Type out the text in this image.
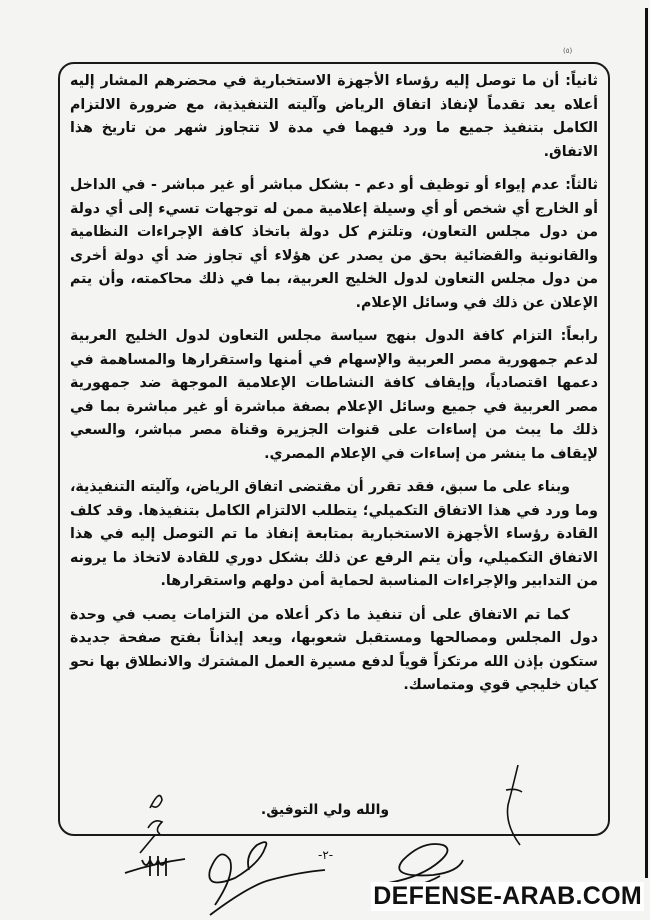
(٥)

ثانياً: أن ما توصل إليه رؤساء الأجهزة الاستخبارية في محضرهم المشار إليه أعلاه يعد تقدماً لإنفاذ اتفاق الرياض وآليته التنفيذية، مع ضرورة الالتزام الكامل بتنفيذ جميع ما ورد فيهما في مدة لا تتجاوز شهر من تاريخ هذا الاتفاق.

ثالثاً: عدم إيواء أو توظيف أو دعم - بشكل مباشر أو غير مباشر - في الداخل أو الخارج أي شخص أو أي وسيلة إعلامية ممن له توجهات تسيء إلى أي دولة من دول مجلس التعاون، وتلتزم كل دولة باتخاذ كافة الإجراءات النظامية والقانونية والقضائية بحق من يصدر عن هؤلاء أي تجاوز ضد أي دولة أخرى من دول مجلس التعاون لدول الخليج العربية، بما في ذلك محاكمته، وأن يتم الإعلان عن ذلك في وسائل الإعلام.

رابعاً: التزام كافة الدول بنهج سياسة مجلس التعاون لدول الخليج العربية لدعم جمهورية مصر العربية والإسهام في أمنها واستقرارها والمساهمة في دعمها اقتصادياً، وإيقاف كافة النشاطات الإعلامية الموجهة ضد جمهورية مصر العربية في جميع وسائل الإعلام بصفة مباشرة أو غير مباشرة بما في ذلك ما يبث من إساءات على قنوات الجزيرة وقناة مصر مباشر، والسعي لإيقاف ما ينشر من إساءات في الإعلام المصري.

وبناء على ما سبق، فقد تقرر أن مقتضى اتفاق الرياض، وآليته التنفيذية، وما ورد في هذا الاتفاق التكميلي؛ يتطلب الالتزام الكامل بتنفيذها. وقد كلف القادة رؤساء الأجهزة الاستخبارية بمتابعة إنفاذ ما تم التوصل إليه في هذا الاتفاق التكميلي، وأن يتم الرفع عن ذلك بشكل دوري للقادة لاتخاذ ما يرونه من التدابير والإجراءات المناسبة لحماية أمن دولهم واستقرارها.

كما تم الاتفاق على أن تنفيذ ما ذكر أعلاه من التزامات يصب في وحدة دول المجلس ومصالحها ومستقبل شعوبها، ويعد إيذاناً بفتح صفحة جديدة ستكون بإذن الله مرتكزاً قوياً لدفع مسيرة العمل المشترك والانطلاق بها نحو كيان خليجي قوي ومتماسك.

والله ولي التوفيق.
-٢-
DEFENSE-ARAB.COM
